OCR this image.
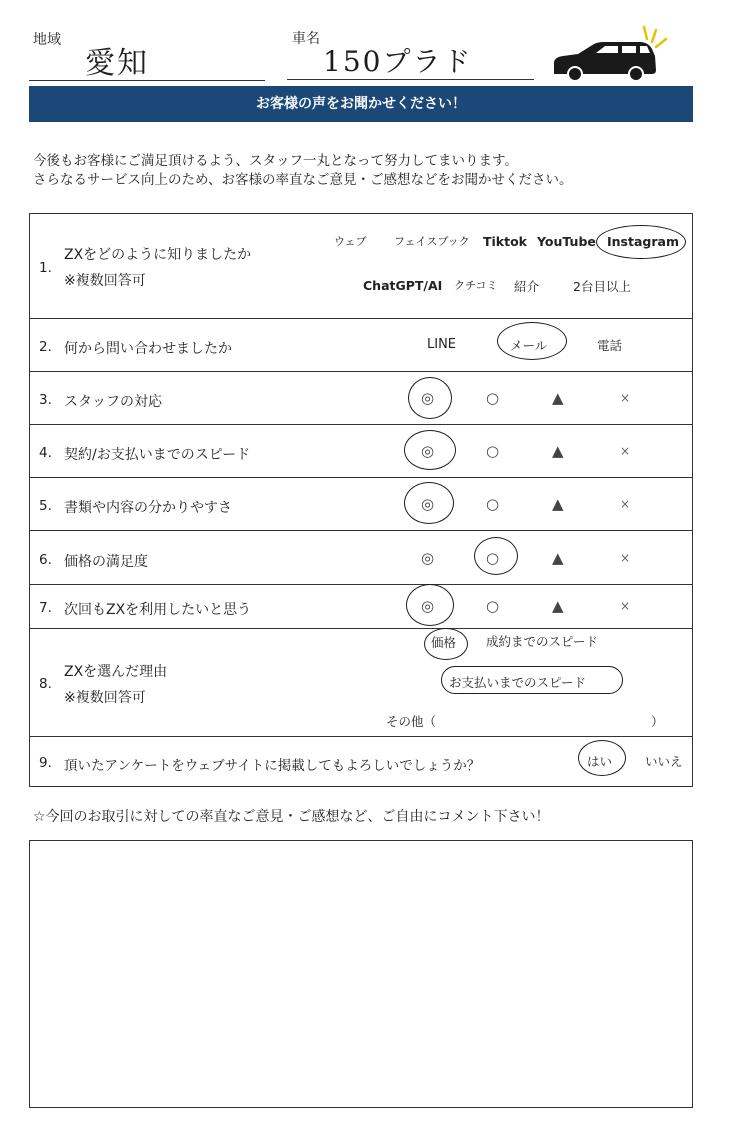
地域
愛知
車名
150プラド
お客様の声をお聞かせください！
今後もお客様にご満足頂けるよう、スタッフ一丸となって努力してまいります。
さらなるサービス向上のため、お客様の率直なご意見・ご感想などをお聞かせください。
1.
ZXをどのように知りましたか
※複数回答可
ウェブ フェイスブック Tiktok YouTube Instagram
ChatGPT/AI クチコミ 紹介	2台目以上
2. 何から問い合わせましたか	LINE	メール	電話
3. スタッフの対応	◎	○	▲	×
4. 契約/お支払いまでのスピード	◎	○	▲	×
5. 書類や内容の分かりやすさ	◎	○	▲	×
6. 価格の満足度	◎	○	▲	×
7. 次回もZXを利用したいと思う	◎	○	▲	×
8.
ZXを選んだ理由
※複数回答可
価格 成約までのスピード
お支払いまでのスピード
その他（	）
9. 頂いたアンケートをウェブサイトに掲載してもよろしいでしょうか？	はい	いいえ
☆今回のお取引に対しての率直なご意見・ご感想など、ご自由にコメント下さい！
